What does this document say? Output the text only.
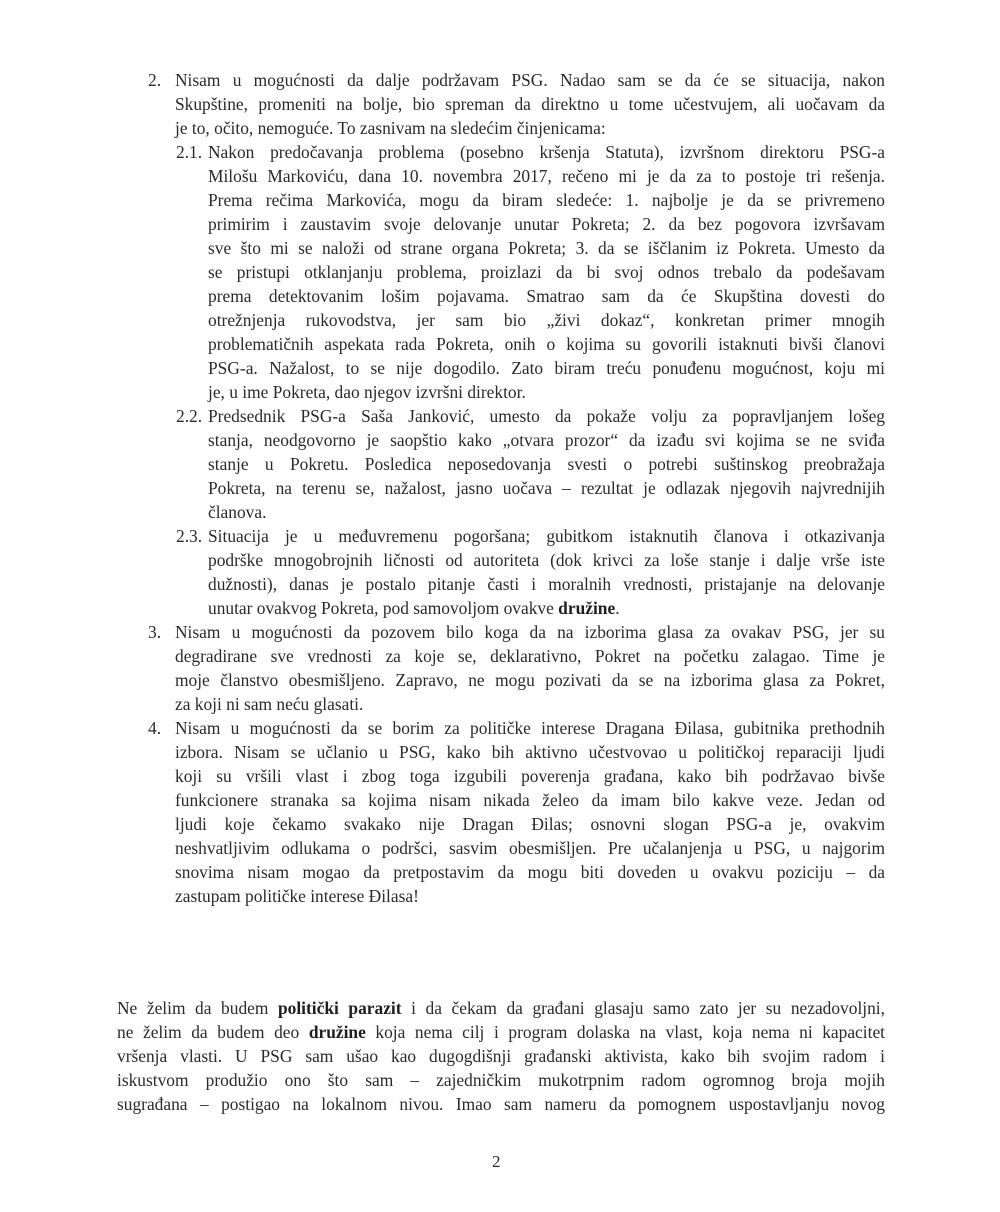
2. Nisam u mogućnosti da dalje podržavam PSG. Nadao sam se da će se situacija, nakon
Skupštine, promeniti na bolje, bio spreman da direktno u tome učestvujem, ali uočavam da
je to, očito, nemoguće. To zasnivam na sledećim činjenicama:
2.1. Nakon predočavanja problema (posebno kršenja Statuta), izvršnom direktoru PSG-a
Milošu Markoviću, dana 10. novembra 2017, rečeno mi je da za to postoje tri rešenja.
Prema rečima Markovića, mogu da biram sledeće: 1. najbolje je da se privremeno
primirim i zaustavim svoje delovanje unutar Pokreta; 2. da bez pogovora izvršavam
sve što mi se naloži od strane organa Pokreta; 3. da se iščlanim iz Pokreta. Umesto da
se pristupi otklanjanju problema, proizlazi da bi svoj odnos trebalo da podešavam
prema detektovanim lošim pojavama. Smatrao sam da će Skupština dovesti do
otrežnjenja rukovodstva, jer sam bio „živi dokaz“, konkretan primer mnogih
problematičnih aspekata rada Pokreta, onih o kojima su govorili istaknuti bivši članovi
PSG-a. Nažalost, to se nije dogodilo. Zato biram treću ponuđenu mogućnost, koju mi
je, u ime Pokreta, dao njegov izvršni direktor.
2.2. Predsednik PSG-a Saša Janković, umesto da pokaže volju za popravljanjem lošeg
stanja, neodgovorno je saopštio kako „otvara prozor“ da izađu svi kojima se ne sviđa
stanje u Pokretu. Posledica neposedovanja svesti o potrebi suštinskog preobražaja
Pokreta, na terenu se, nažalost, jasno uočava – rezultat je odlazak njegovih najvrednijih
članova.
2.3. Situacija je u međuvremenu pogoršana; gubitkom istaknutih članova i otkazivanja
podrške mnogobrojnih ličnosti od autoriteta (dok krivci za loše stanje i dalje vrše iste
dužnosti), danas je postalo pitanje časti i moralnih vrednosti, pristajanje na delovanje
unutar ovakvog Pokreta, pod samovoljom ovakve družine.
3. Nisam u mogućnosti da pozovem bilo koga da na izborima glasa za ovakav PSG, jer su
degradirane sve vrednosti za koje se, deklarativno, Pokret na početku zalagao. Time je
moje članstvo obesmišljeno. Zapravo, ne mogu pozivati da se na izborima glasa za Pokret,
za koji ni sam neću glasati.
4. Nisam u mogućnosti da se borim za političke interese Dragana Đilasa, gubitnika prethodnih
izbora. Nisam se učlanio u PSG, kako bih aktivno učestvovao u političkoj reparaciji ljudi
koji su vršili vlast i zbog toga izgubili poverenja građana, kako bih podržavao bivše
funkcionere stranaka sa kojima nisam nikada želeo da imam bilo kakve veze. Jedan od
ljudi koje čekamo svakako nije Dragan Đilas; osnovni slogan PSG-a je, ovakvim
neshvatljivim odlukama o podršci, sasvim obesmišljen. Pre učalanjenja u PSG, u najgorim
snovima nisam mogao da pretpostavim da mogu biti doveden u ovakvu poziciju – da
zastupam političke interese Đilasa!
Ne želim da budem politički parazit i da čekam da građani glasaju samo zato jer su nezadovoljni,
ne želim da budem deo družine koja nema cilj i program dolaska na vlast, koja nema ni kapacitet
vršenja vlasti. U PSG sam ušao kao dugogdišnji građanski aktivista, kako bih svojim radom i
iskustvom produžio ono što sam – zajedničkim mukotrpnim radom ogromnog broja mojih
sugrađana – postigao na lokalnom nivou. Imao sam nameru da pomognem uspostavljanju novog
2
